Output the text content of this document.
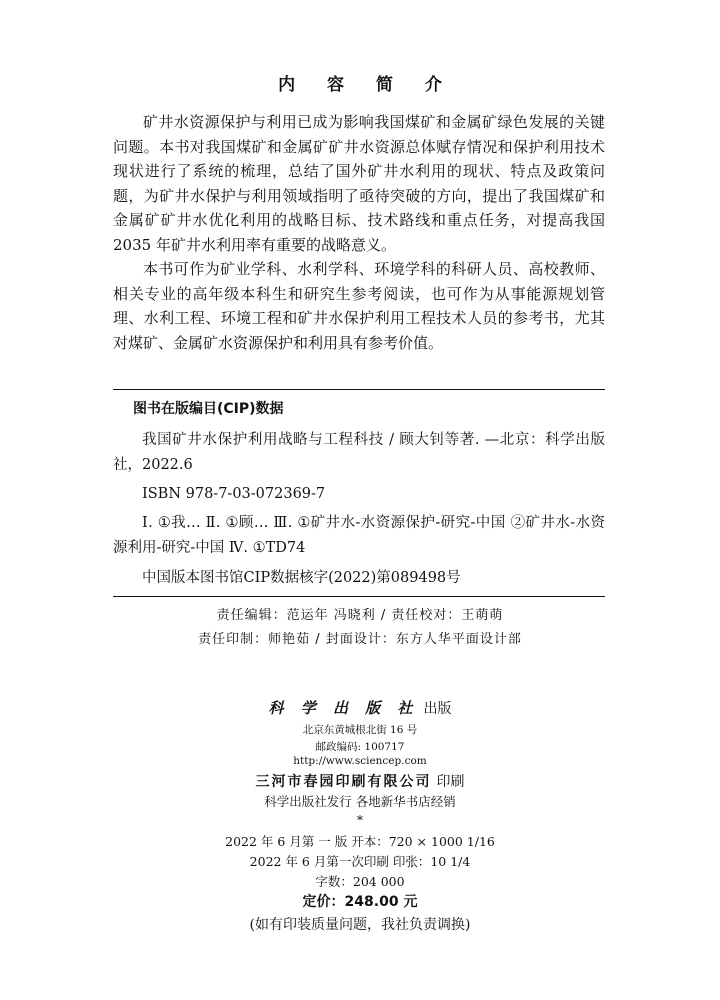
内 容 简 介

矿井水资源保护与利用已成为影响我国煤矿和金属矿绿色发展的关键问题。本书对我国煤矿和金属矿矿井水资源总体赋存情况和保护利用技术现状进行了系统的梳理，总结了国外矿井水利用的现状、特点及政策问题，为矿井水保护与利用领域指明了亟待突破的方向，提出了我国煤矿和金属矿矿井水优化利用的战略目标、技术路线和重点任务，对提高我国 2035 年矿井水利用率有重要的战略意义。

本书可作为矿业学科、水利学科、环境学科的科研人员、高校教师、相关专业的高年级本科生和研究生参考阅读，也可作为从事能源规划管理、水利工程、环境工程和矿井水保护利用工程技术人员的参考书，尤其对煤矿、金属矿水资源保护和利用具有参考价值。

图书在版编目(CIP)数据

我国矿井水保护利用战略与工程科技 / 顾大钊等著. —北京：科学出版社，2022.6

ISBN 978-7-03-072369-7

Ⅰ. ①我… Ⅱ. ①顾… Ⅲ. ①矿井水-水资源保护-研究-中国 ②矿井水-水资源利用-研究-中国 Ⅳ. ①TD74

中国版本图书馆CIP数据核字(2022)第089498号

责任编辑：范运年 冯晓利 / 责任校对：王萌萌
责任印制：师艳茹 / 封面设计：东方人华平面设计部
科 学 出 版 社 出版
北京东黄城根北街 16 号
邮政编码: 100717
http://www.sciencep.com
三河市春园印刷有限公司 印刷
科学出版社发行 各地新华书店经销
*
2022 年 6 月第 一 版 开本：720 × 1000 1/16
2022 年 6 月第一次印刷 印张：10 1/4
字数：204 000
定价：248.00 元
(如有印装质量问题，我社负责调换)
